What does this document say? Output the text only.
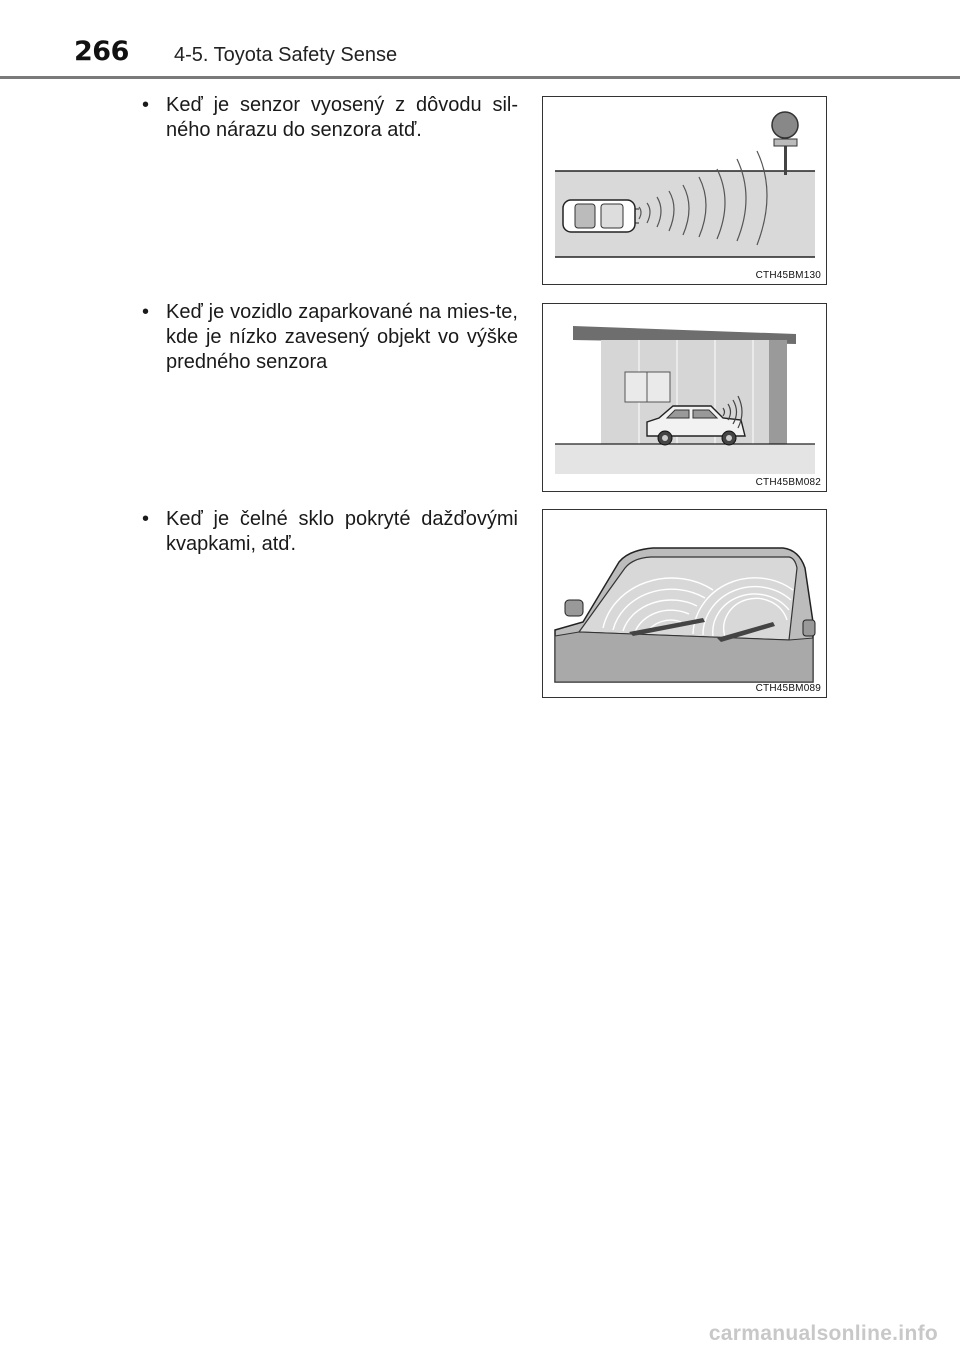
266 4-5. Toyota Safety Sense
• Keď je senzor vyosený z dôvodu sil-ného nárazu do senzora atď.
CTH45BM130
• Keď je vozidlo zaparkované na mies-te, kde je nízko zavesený objekt vo výške predného senzora
CTH45BM082
• Keď je čelné sklo pokryté dažďovými kvapkami, atď.
CTH45BM089
carmanualsonline.info
